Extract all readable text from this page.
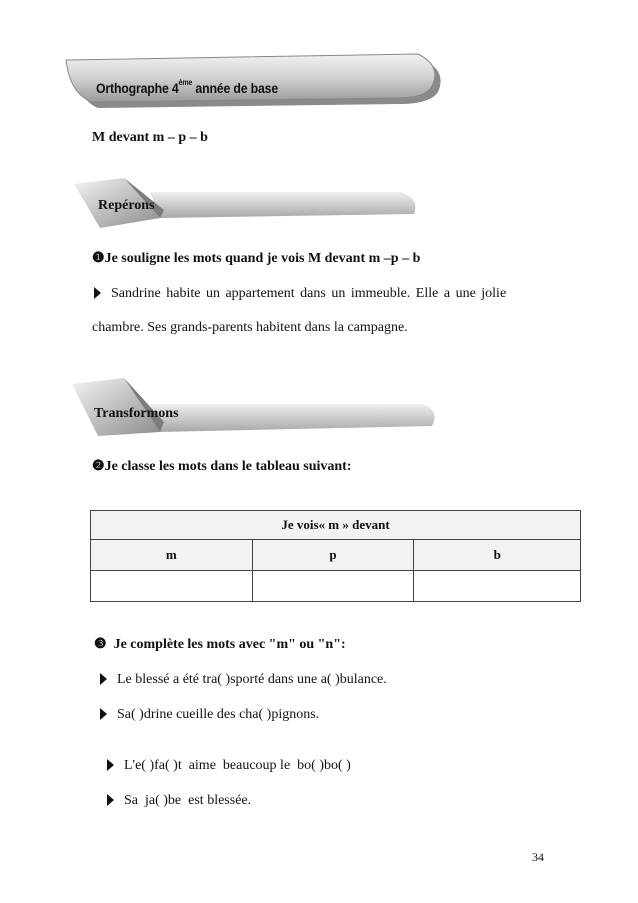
Orthographe 4ème année de base
M devant m – p – b
Repérons
❶Je souligne les mots quand je vois M devant m –p – b
Sandrine habite un appartement dans un immeuble. Elle a une jolie
chambre. Ses grands-parents habitent dans la campagne.
Transformons
❷Je classe les mots dans le tableau suivant:
Je vois« m » devant		
m	p	b

❸ Je complète les mots avec "m" ou "n":
Le blessé a été tra( )sporté dans une a( )bulance.
Sa( )drine cueille des cha( )pignons.

L'e( )fa( )t  aime  beaucoup le  bo( )bo( )

Sa  ja( )be  est blessée.

34
